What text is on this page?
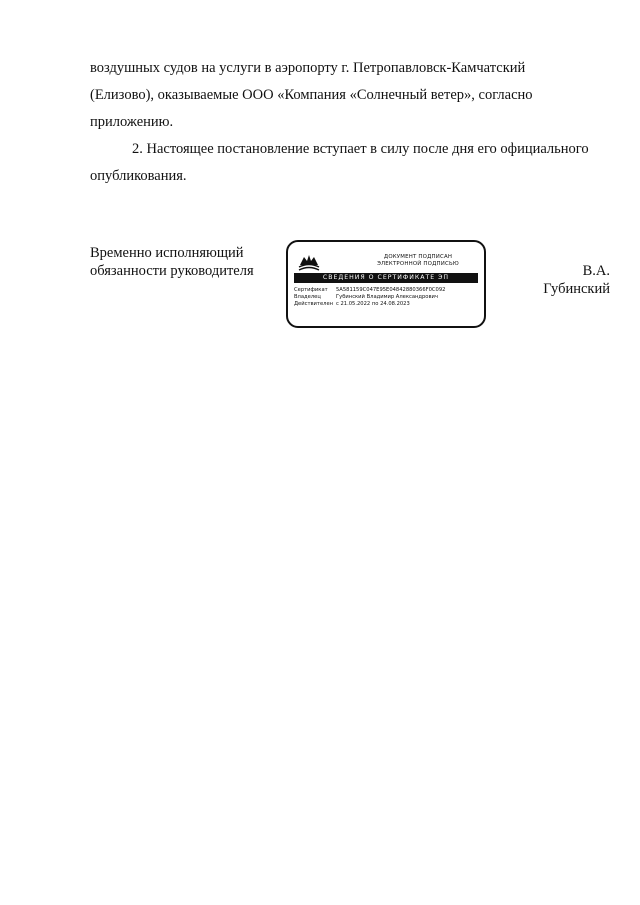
воздушных судов на услуги в аэропорту г. Петропавловск-Камчатский
(Елизово), оказываемые ООО «Компания «Солнечный ветер», согласно
приложению.
2. Настоящее постановление вступает в силу после дня его официального
опубликования.
Временно исполняющий
обязанности руководителя
ДОКУМЕНТ ПОДПИСАН
ЭЛЕКТРОННОЙ ПОДПИСЬЮ
СВЕДЕНИЯ О СЕРТИФИКАТЕ ЭП
Сертификат 5A581159C047E95E04842880366F0C092
Владелец	Губинский Владимир Александрович
Действителен с 21.05.2022 по 24.08.2023
В.А.
Губинский
